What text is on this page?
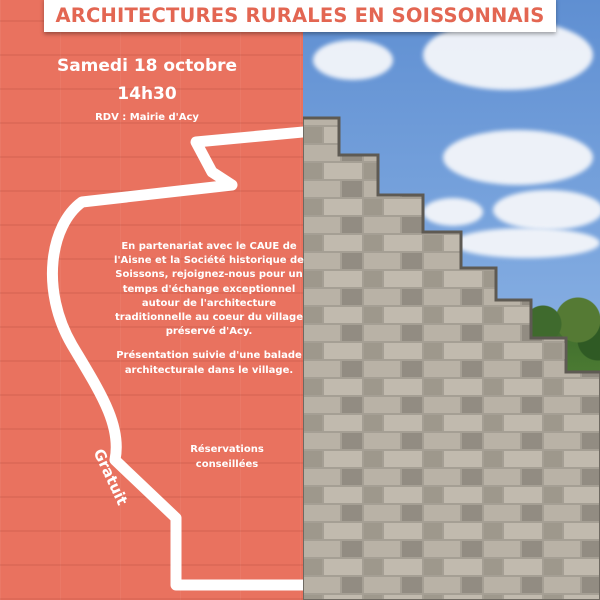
ARCHITECTURES RURALES EN SOISSONNAIS
Samedi 18 octobre
14h30
RDV : Mairie d'Acy

En partenariat avec le CAUE de l'Aisne et la Société historique de Soissons, rejoignez-nous pour un temps d'échange exceptionnel autour de l'architecture traditionnelle au coeur du village préservé d'Acy.

Présentation suivie d'une balade architecturale dans le village.

Réservations conseillées
Gratuit
